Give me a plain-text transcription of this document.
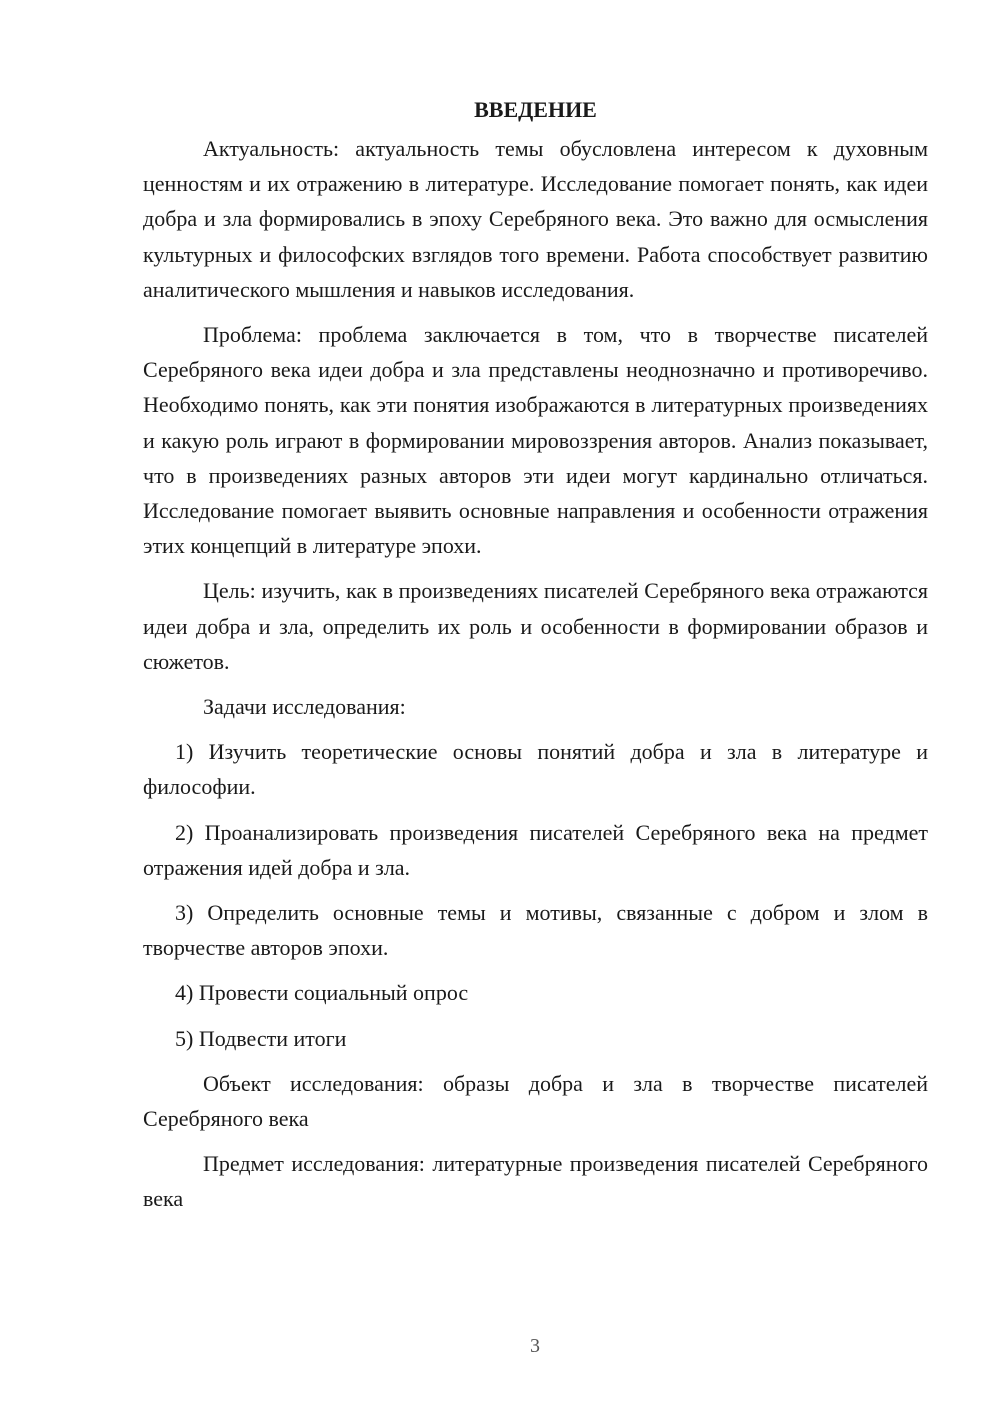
ВВЕДЕНИЕ

Актуальность: актуальность темы обусловлена интересом к духовным ценностям и их отражению в литературе. Исследование помогает понять, как идеи добра и зла формировались в эпоху Серебряного века. Это важно для осмысления культурных и философских взглядов того времени. Работа способствует развитию аналитического мышления и навыков исследования.

Проблема: проблема заключается в том, что в творчестве писателей Серебряного века идеи добра и зла представлены неоднозначно и противоречиво. Необходимо понять, как эти понятия изображаются в литературных произведениях и какую роль играют в формировании мировоззрения авторов. Анализ показывает, что в произведениях разных авторов эти идеи могут кардинально отличаться. Исследование помогает выявить основные направления и особенности отражения этих концепций в литературе эпохи.

Цель: изучить, как в произведениях писателей Серебряного века отражаются идеи добра и зла, определить их роль и особенности в формировании образов и сюжетов.

Задачи исследования:

1) Изучить теоретические основы понятий добра и зла в литературе и философии.

2) Проанализировать произведения писателей Серебряного века на предмет отражения идей добра и зла.

3) Определить основные темы и мотивы, связанные с добром и злом в творчестве авторов эпохи.

4) Провести социальный опрос

5) Подвести итоги

Объект исследования: образы добра и зла в творчестве писателей Серебряного века

Предмет исследования: литературные произведения писателей Серебряного века

3
